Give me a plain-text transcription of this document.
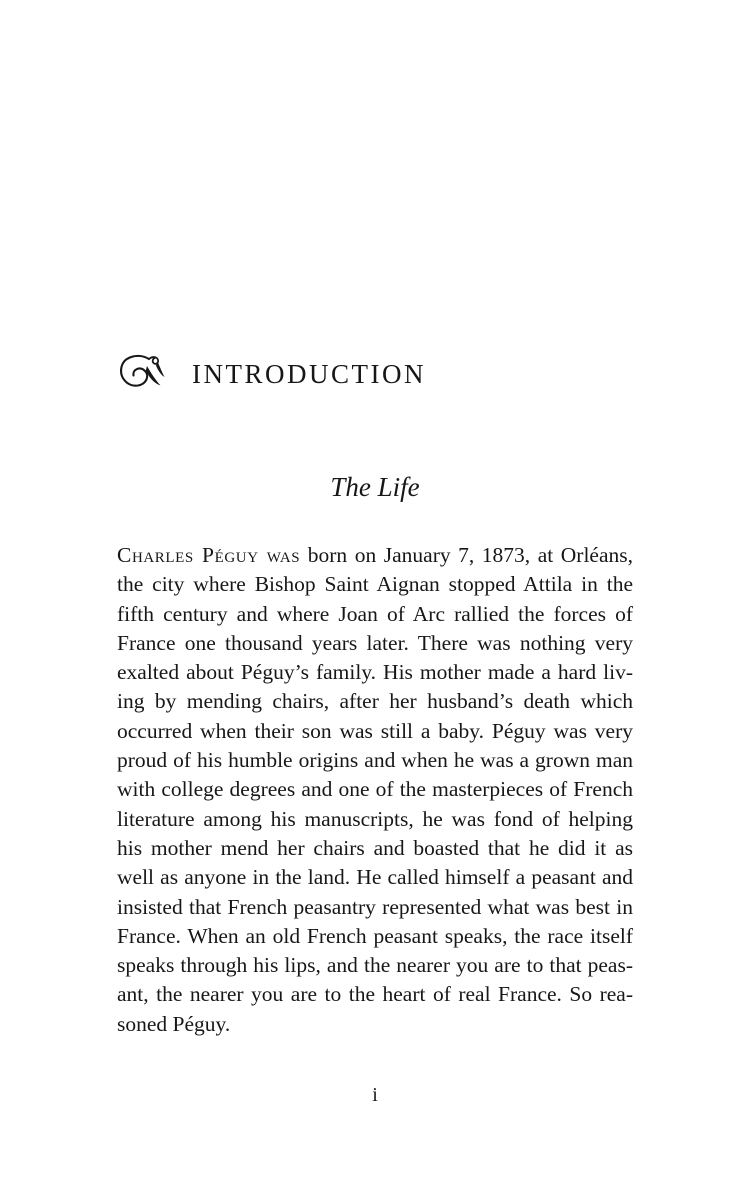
INTRODUCTION
The Life
Charles Péguy was born on January 7, 1873, at Orléans,
the city where Bishop Saint Aignan stopped Attila in the
fifth century and where Joan of Arc rallied the forces of
France one thousand years later. There was nothing very
exalted about Péguy’s family. His mother made a hard liv-
ing by mending chairs, after her husband’s death which
occurred when their son was still a baby. Péguy was very
proud of his humble origins and when he was a grown man
with college degrees and one of the masterpieces of French
literature among his manuscripts, he was fond of helping
his mother mend her chairs and boasted that he did it as
well as anyone in the land. He called himself a peasant and
insisted that French peasantry represented what was best in
France. When an old French peasant speaks, the race itself
speaks through his lips, and the nearer you are to that peas-
ant, the nearer you are to the heart of real France. So rea-
soned Péguy.
i
